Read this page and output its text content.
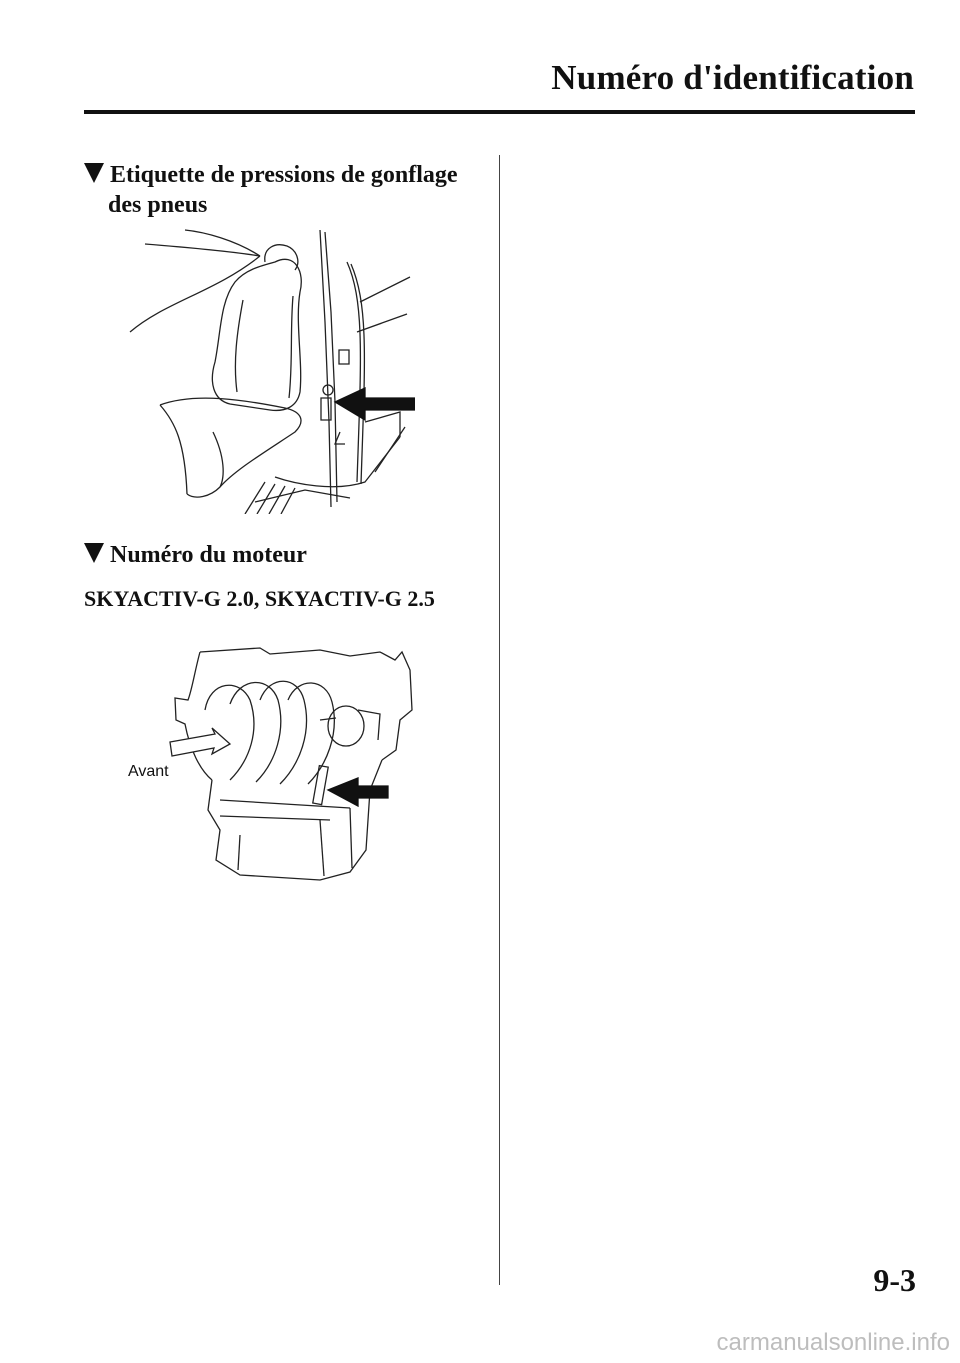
Numéro d'identification
Etiquette de pressions de gonflage
des pneus
Numéro du moteur
SKYACTIV-G 2.0, SKYACTIV-G 2.5
Avant
9-3
carmanualsonline.info
